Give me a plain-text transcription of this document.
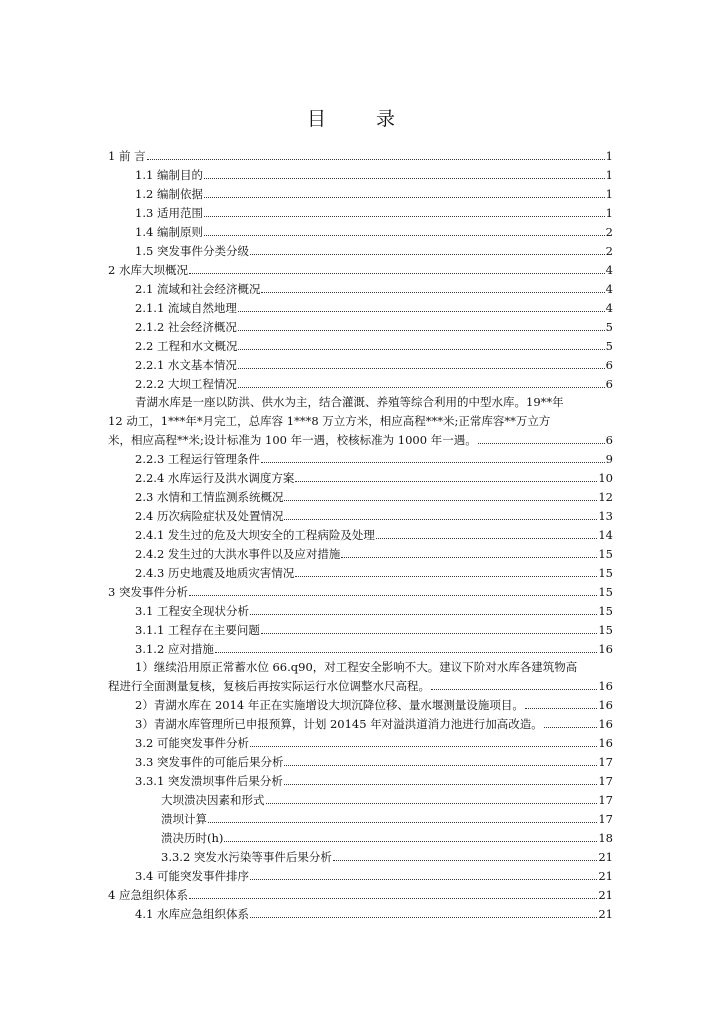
目 录
1 前 言	1
1.1 编制目的	1
1.2 编制依据	1
1.3 适用范围	1
1.4 编制原则	2
1.5 突发事件分类分级	2
2 水库大坝概况	4
2.1 流域和社会经济概况	4
2.1.1 流域自然地理	4
2.1.2 社会经济概况	5
2.2 工程和水文概况	5
2.2.1 水文基本情况	6
2.2.2 大坝工程情况	6
青湖水库是一座以防洪、供水为主，结合灌溉、养殖等综合利用的中型水库。19**年
12 动工，1***年*月完工，总库容 1***8 万立方米，相应高程***米;正常库容**万立方
米，相应高程**米;设计标准为 100 年一遇，校核标准为 1000 年一遇。	6
2.2.3 工程运行管理条件	9
2.2.4 水库运行及洪水调度方案	10
2.3 水情和工情监测系统概况	12
2.4 历次病险症状及处置情况	13
2.4.1 发生过的危及大坝安全的工程病险及处理	14
2.4.2 发生过的大洪水事件以及应对措施	15
2.4.3 历史地震及地质灾害情况	15
3 突发事件分析	15
3.1 工程安全现状分析	15
3.1.1 工程存在主要问题	15
3.1.2 应对措施	16
1）继续沿用原正常蓄水位 66.q90，对工程安全影响不大。建议下阶对水库各建筑物高
程进行全面测量复核，复核后再按实际运行水位调整水尺高程。	16
2）青湖水库在 2014 年正在实施增设大坝沉降位移、量水堰测量设施项目。	16
3）青湖水库管理所已申报预算，计划 20145 年对溢洪道消力池进行加高改造。	16
3.2 可能突发事件分析	16
3.3 突发事件的可能后果分析	17
3.3.1 突发溃坝事件后果分析	17
大坝溃决因素和形式	17
溃坝计算	17
溃决历时(h)	18
3.3.2 突发水污染等事件后果分析	21
3.4 可能突发事件排序	21
4 应急组织体系	21
4.1 水库应急组织体系	21
